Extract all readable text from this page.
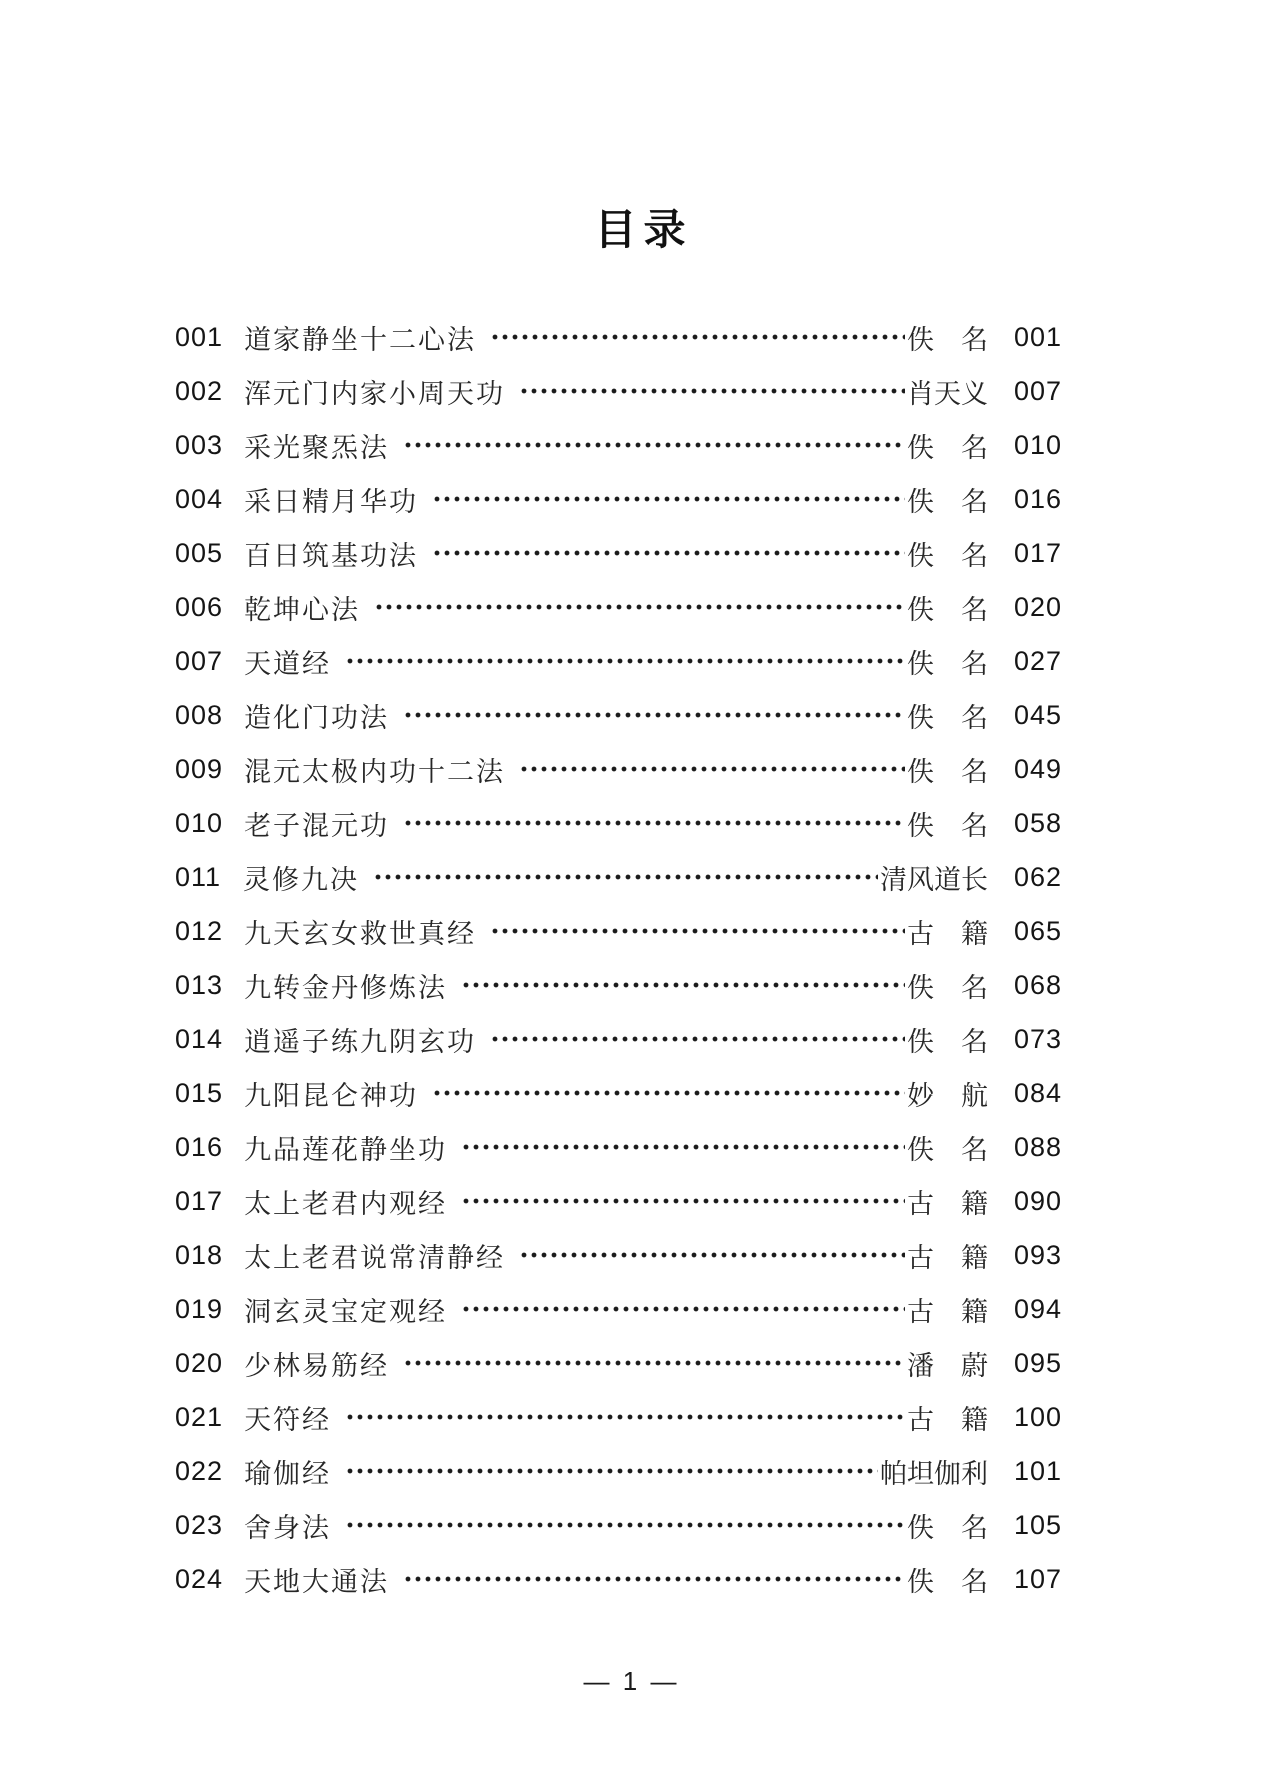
目录
001 道家静坐十二心法	佚　名 001
002 浑元门内家小周天功	肖天义 007
003 采光聚炁法	佚　名 010
004 采日精月华功	佚　名 016
005 百日筑基功法	佚　名 017
006 乾坤心法	佚　名 020
007 天道经	佚　名 027
008 造化门功法	佚　名 045
009 混元太极内功十二法	佚　名 049
010 老子混元功	佚　名 058
011 灵修九决	清风道长 062
012 九天玄女救世真经	古　籍 065
013 九转金丹修炼法	佚　名 068
014 逍遥子练九阴玄功	佚　名 073
015 九阳昆仑神功	妙　航 084
016 九品莲花静坐功	佚　名 088
017 太上老君内观经	古　籍 090
018 太上老君说常清静经	古　籍 093
019 洞玄灵宝定观经	古　籍 094
020 少林易筋经	潘　蔚 095
021 天符经	古　籍 100
022 瑜伽经	帕坦伽利 101
023 舍身法	佚　名 105
024 天地大通法	佚　名 107
— 1 —
